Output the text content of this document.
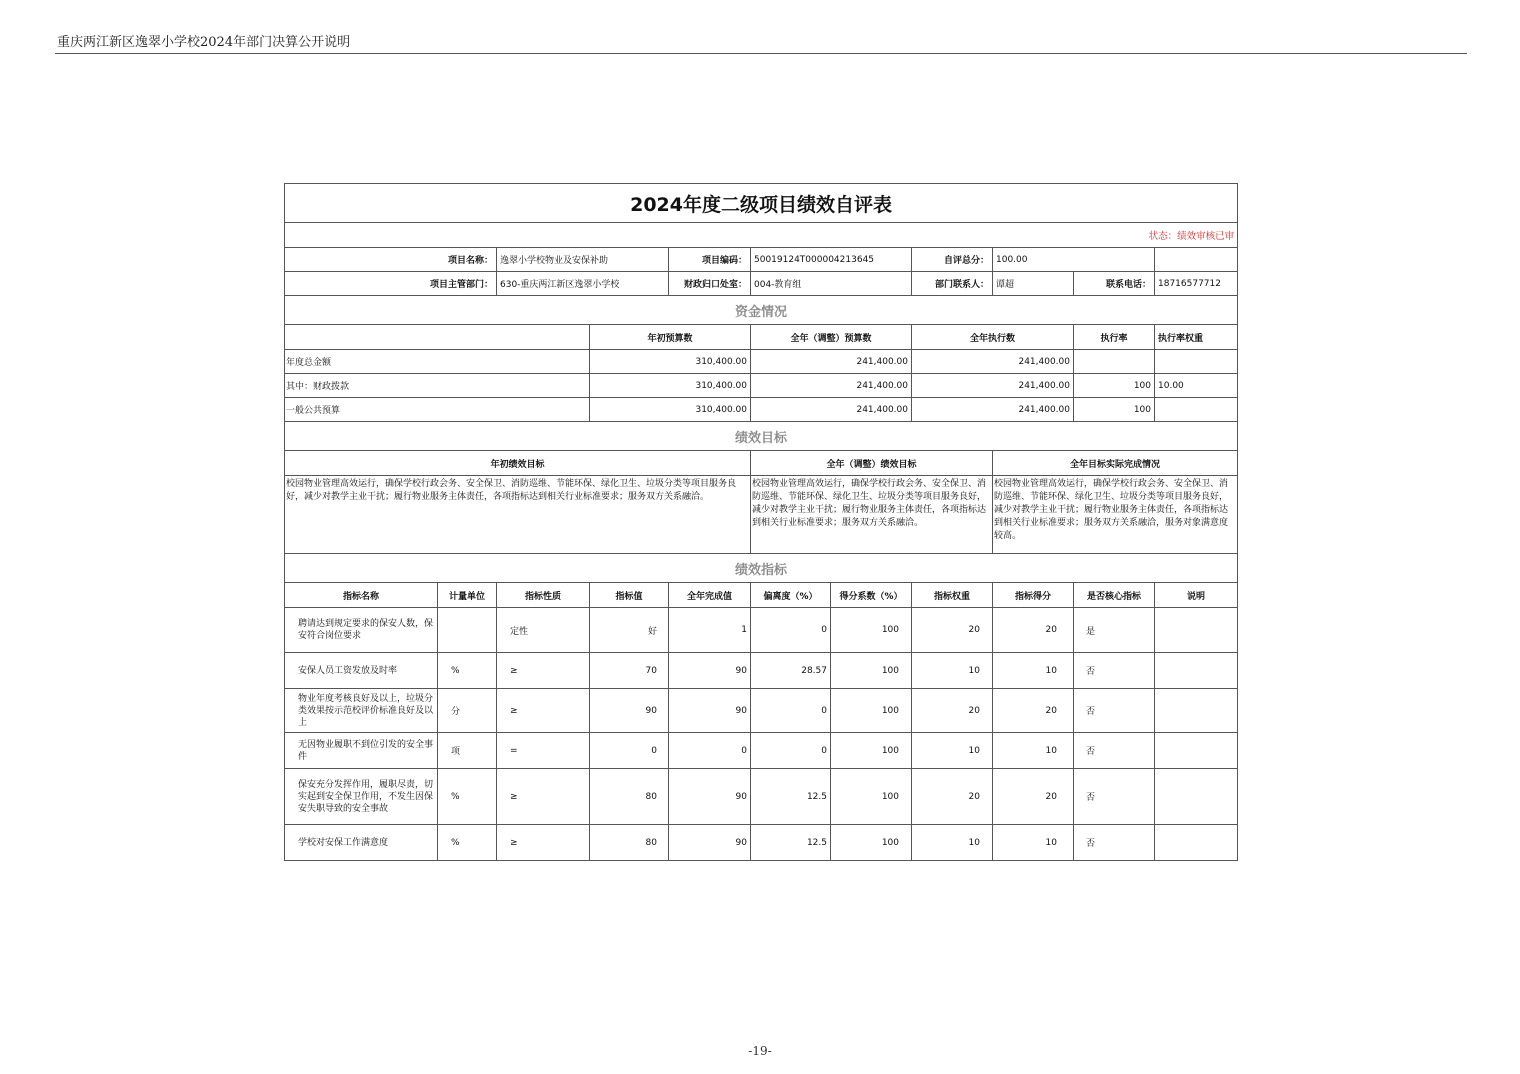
重庆两江新区逸翠小学校2024年部门决算公开说明
2024年度二级项目绩效自评表											
状态：绩效审核已审											
项目名称：		逸翠小学校物业及安保补助		项目编码：	50019124T000004213645		自评总分：	100.00			
项目主管部门：		630-重庆两江新区逸翠小学校		财政归口处室：	004-教育组		部门联系人：	谭超	联系电话：	18716577712	
资金情况											
			年初预算数		全年（调整）预算数		全年执行数		执行率	执行率权重	
年度总金额			310,400.00		241,400.00		241,400.00				
其中：财政拨款			310,400.00		241,400.00		241,400.00		100	10.00	
一般公共预算			310,400.00		241,400.00		241,400.00		100		
绩效目标											
年初绩效目标					全年（调整）绩效目标			全年目标实际完成情况			
校园物业管理高效运行，确保学校行政会务、安全保卫、消防巡维、节能环保、绿化卫生、垃圾分类等项目服务良好，减少对教学主业干扰；履行物业服务主体责任，各项指标达到相关行业标准要求；服务双方关系融洽。					校园物业管理高效运行，确保学校行政会务、安全保卫、消防巡维、节能环保、绿化卫生、垃圾分类等项目服务良好，减少对教学主业干扰；履行物业服务主体责任，各项指标达到相关行业标准要求；服务双方关系融洽。			校园物业管理高效运行，确保学校行政会务、安全保卫、消防巡维、节能环保、绿化卫生、垃圾分类等项目服务良好，减少对教学主业干扰；履行物业服务主体责任，各项指标达到相关行业标准要求；服务双方关系融洽，服务对象满意度较高。			
绩效指标											
指标名称	计量单位	指标性质	指标值	全年完成值	偏离度（%）	得分系数（%）	指标权重	指标得分	是否核心指标	说明	
聘请达到规定要求的保安人数，保安符合岗位要求		定性	好	1	0	100	20	20	是		
安保人员工资发放及时率	%	≥	70	90	28.57	100	10	10	否		
物业年度考核良好及以上，垃圾分类效果按示范校评价标准良好及以上	分	≥	90	90	0	100	20	20	否		
无因物业履职不到位引发的安全事件	项	=	0	0	0	100	10	10	否		
保安充分发挥作用，履职尽责，切实起到安全保卫作用，不发生因保安失职导致的安全事故	%	≥	80	90	12.5	100	20	20	否		
学校对安保工作满意度	%	≥	80	90	12.5	100	10	10	否		
-19-
